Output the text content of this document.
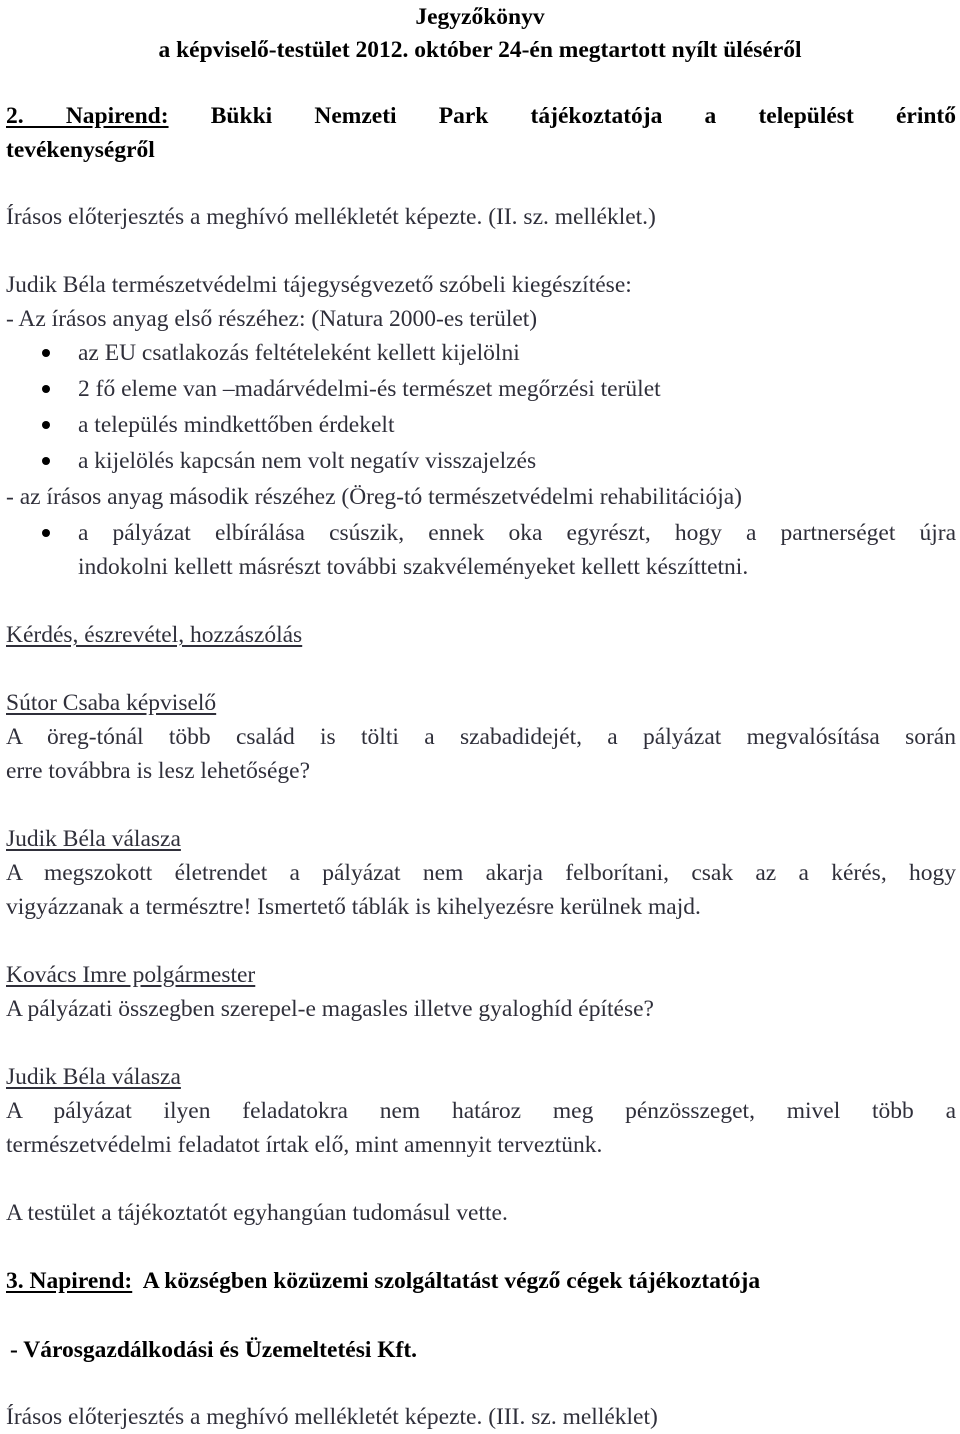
Jegyzőkönyv
a képviselő-testület 2012. október 24-én megtartott nyílt üléséről
2. Napirend: Bükki Nemzeti Park tájékoztatója a települést érintő
tevékenységről
Írásos előterjesztés a meghívó mellékletét képezte. (II. sz. melléklet.)
Judik Béla természetvédelmi tájegységvezető szóbeli kiegészítése:
- Az írásos anyag első részéhez: (Natura 2000-es terület)
az EU csatlakozás feltételeként kellett kijelölni
2 fő eleme van –madárvédelmi-és természet megőrzési terület
a település mindkettőben érdekelt
a kijelölés kapcsán nem volt negatív visszajelzés
- az írásos anyag második részéhez (Öreg-tó természetvédelmi rehabilitációja)
a pályázat elbírálása csúszik, ennek oka egyrészt, hogy a partnerséget újra
indokolni kellett másrészt további szakvéleményeket kellett készíttetni.
Kérdés, észrevétel, hozzászólás
Sútor Csaba képviselő
A öreg-tónál több család is tölti a szabadidejét, a pályázat megvalósítása során
erre továbbra is lesz lehetősége?
Judik Béla válasza
A megszokott életrendet a pályázat nem akarja felborítani, csak az a kérés, hogy
vigyázzanak a természtre! Ismertető táblák is kihelyezésre kerülnek majd.
Kovács Imre polgármester
A pályázati összegben szerepel-e magasles illetve gyaloghíd építése?
Judik Béla válasza
A pályázat ilyen feladatokra nem határoz meg pénzösszeget, mivel több a
természetvédelmi feladatot írtak elő, mint amennyit terveztünk.
A testület a tájékoztatót egyhangúan tudomásul vette.
3. Napirend: A községben közüzemi szolgáltatást végző cégek tájékoztatója
- Városgazdálkodási és Üzemeltetési Kft.
Írásos előterjesztés a meghívó mellékletét képezte. (III. sz. melléklet)
